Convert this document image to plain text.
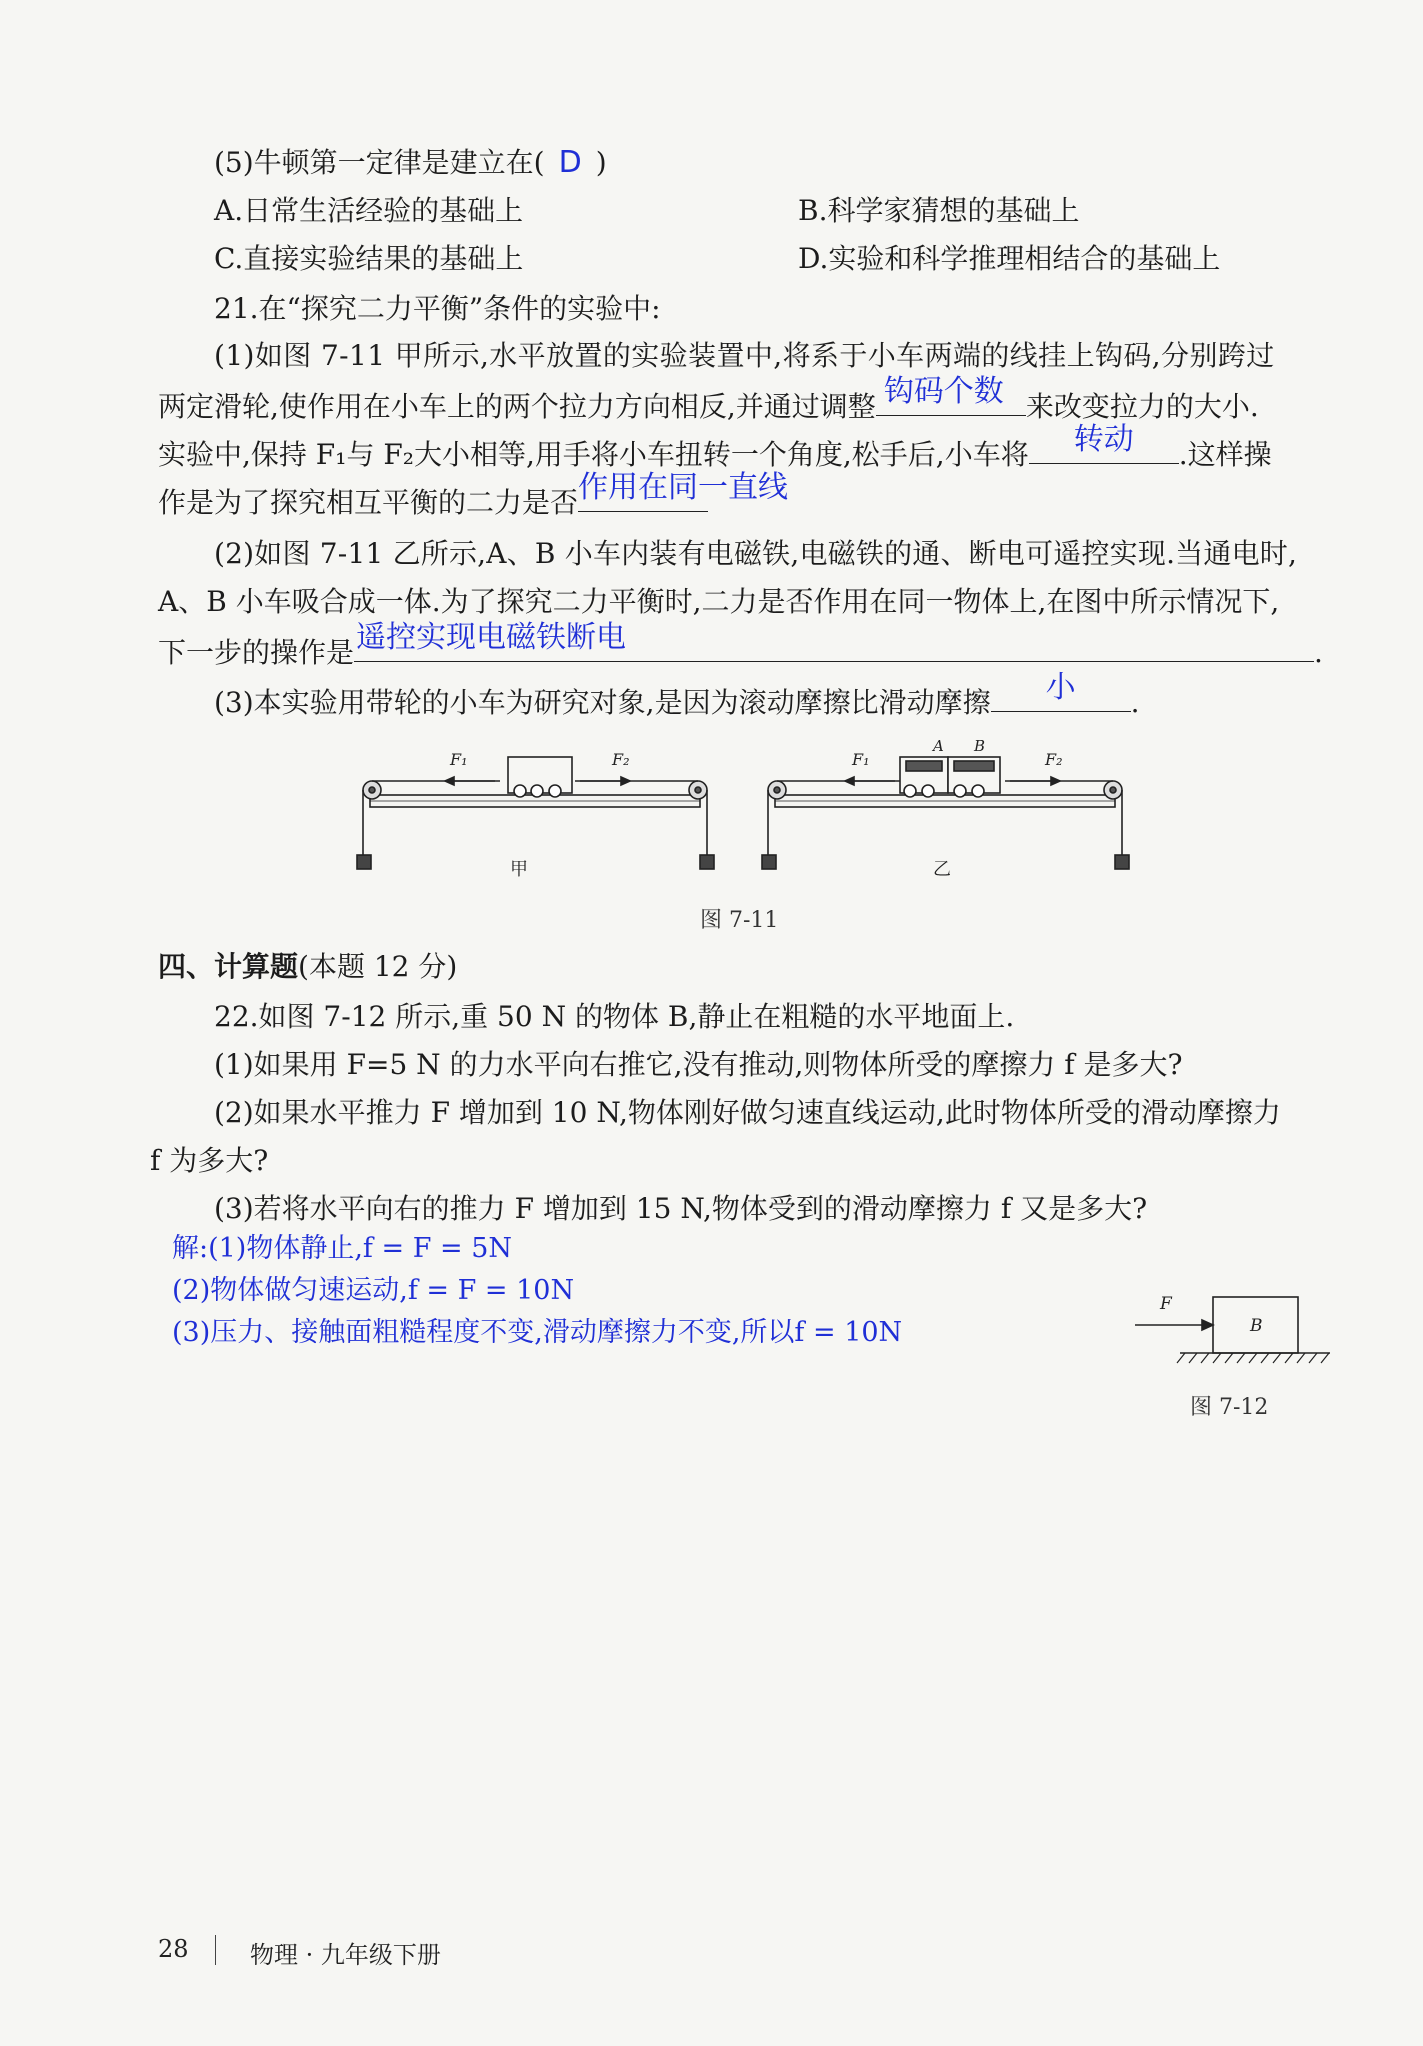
(5)牛顿第一定律是建立在( D )
A.日常生活经验的基础上	B.科学家猜想的基础上
C.直接实验结果的基础上	D.实验和科学推理相结合的基础上
21.在“探究二力平衡”条件的实验中:
(1)如图 7-11 甲所示,水平放置的实验装置中,将系于小车两端的线挂上钩码,分别跨过
两定滑轮,使作用在小车上的两个拉力方向相反,并通过调整 钩码个数 来改变拉力的大小.
实验中,保持 F₁与 F₂大小相等,用手将小车扭转一个角度,松手后,小车将 转动 .这样操
作是为了探究相互平衡的二力是否 作用在同一直线
(2)如图 7-11 乙所示,A、B 小车内装有电磁铁,电磁铁的通、断电可遥控实现.当通电时,
A、B 小车吸合成一体.为了探究二力平衡时,二力是否作用在同一物体上,在图中所示情况下,
下一步的操作是 遥控实现电磁铁断电	.
(3)本实验用带轮的小车为研究对象,是因为滚动摩擦比滑动摩擦 小 .
F₁	F₂
甲
F₁	F₂
A B
乙
图 7-11
四、计算题(本题 12 分)
22.如图 7-12 所示,重 50 N 的物体 B,静止在粗糙的水平地面上.
(1)如果用 F=5 N 的力水平向右推它,没有推动,则物体所受的摩擦力 f 是多大?
(2)如果水平推力 F 增加到 10 N,物体刚好做匀速直线运动,此时物体所受的滑动摩擦力
f 为多大?
(3)若将水平向右的推力 F 增加到 15 N,物体受到的滑动摩擦力 f 又是多大?
解:(1)物体静止,f = F = 5N
(2)物体做匀速运动,f = F = 10N
(3)压力、接触面粗糙程度不变,滑动摩擦力不变,所以f = 10N
F
B
图 7-12
28	物理 · 九年级下册
